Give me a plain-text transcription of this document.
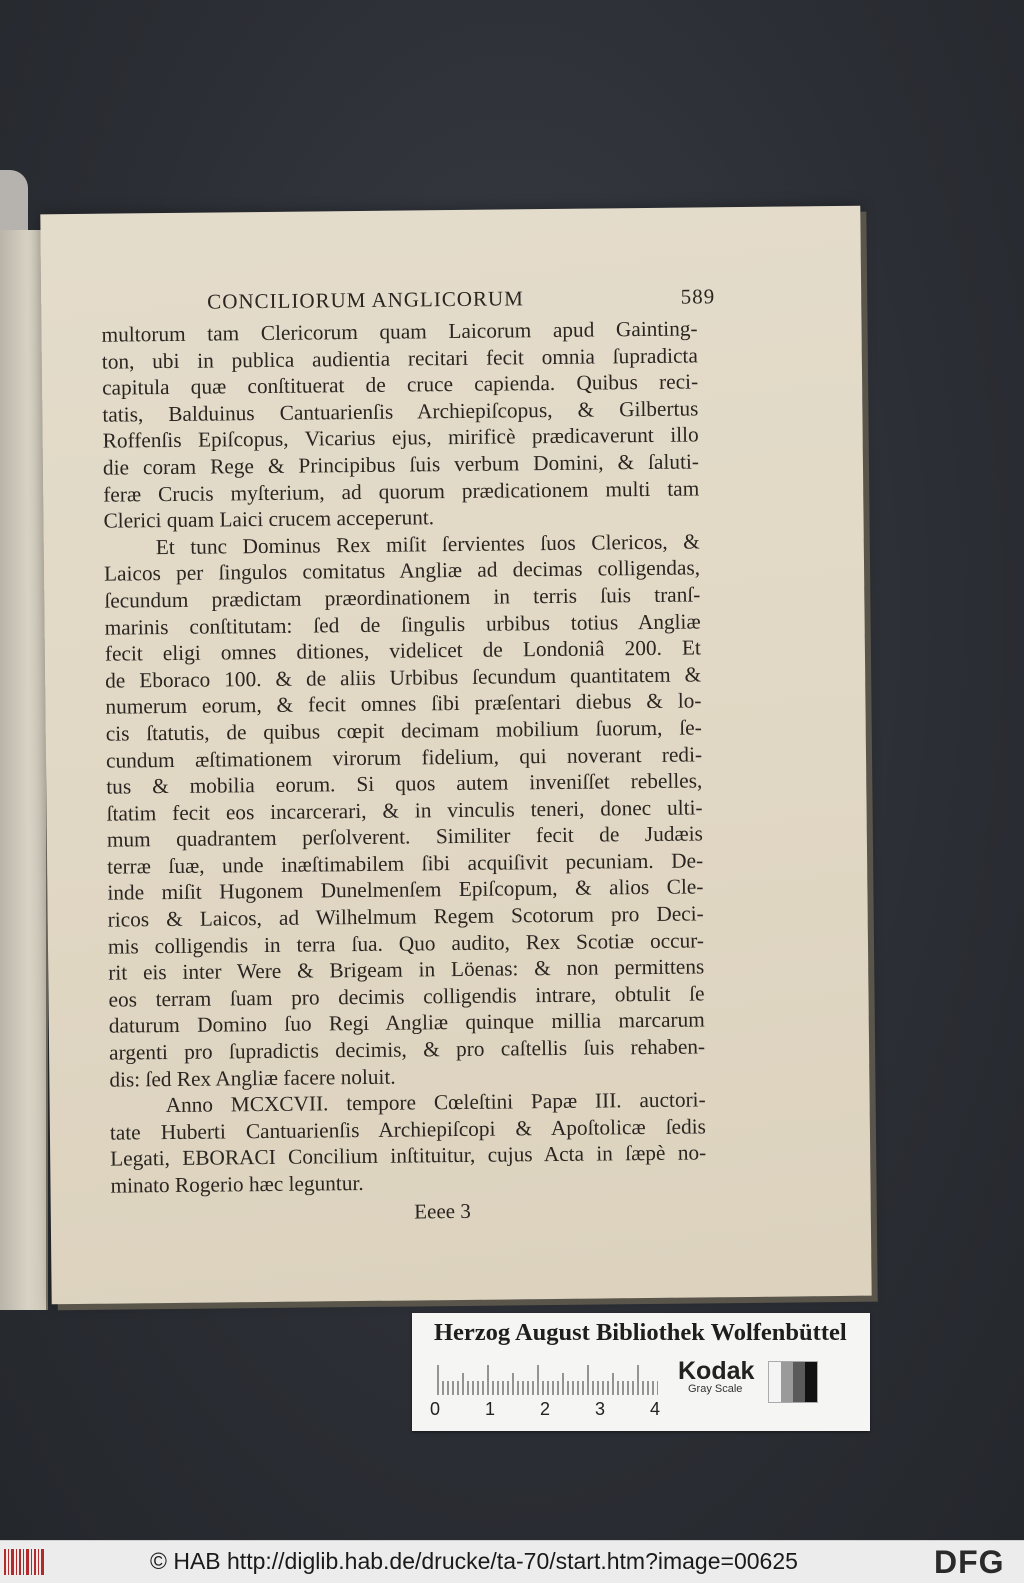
CONCILIORUM ANGLICORUM	589
multorum tam Clericorum quam Laicorum apud Gainting-
ton, ubi in publica audientia recitari fecit omnia ſupradicta
capitula quæ conſtituerat de cruce capienda. Quibus reci-
tatis, Balduinus Cantuarienſis Archiepiſcopus, & Gilbertus
Roffenſis Epiſcopus, Vicarius ejus, mirificè prædicaverunt illo
die coram Rege & Principibus ſuis verbum Domini, & ſaluti-
feræ Crucis myſterium, ad quorum prædicationem multi tam
Clerici quam Laici crucem acceperunt.
Et tunc Dominus Rex miſit ſervientes ſuos Clericos, &
Laicos per ſingulos comitatus Angliæ ad decimas colligendas,
ſecundum prædictam præordinationem in terris ſuis tranſ-
marinis conſtitutam: ſed de ſingulis urbibus totius Angliæ
fecit eligi omnes ditiones, videlicet de Londoniâ 200. Et
de Eboraco 100. & de aliis Urbibus ſecundum quantitatem &
numerum eorum, & fecit omnes ſibi præſentari diebus & lo-
cis ſtatutis, de quibus cœpit decimam mobilium ſuorum, ſe-
cundum æſtimationem virorum fidelium, qui noverant redi-
tus & mobilia eorum. Si quos autem inveniſſet rebelles,
ſtatim fecit eos incarcerari, & in vinculis teneri, donec ulti-
mum quadrantem perſolverent. Similiter fecit de Judæis
terræ ſuæ, unde inæſtimabilem ſibi acquiſivit pecuniam. De-
inde miſit Hugonem Dunelmenſem Epiſcopum, & alios Cle-
ricos & Laicos, ad Wilhelmum Regem Scotorum pro Deci-
mis colligendis in terra ſua. Quo audito, Rex Scotiæ occur-
rit eis inter Were & Brigeam in Löenas: & non permittens
eos terram ſuam pro decimis colligendis intrare, obtulit ſe
daturum Domino ſuo Regi Angliæ quinque millia marcarum
argenti pro ſupradictis decimis, & pro caſtellis ſuis rehaben-
dis: ſed Rex Angliæ facere noluit.
Anno MCXCVII. tempore Cœleſtini Papæ III. auctori-
tate Huberti Cantuarienſis Archiepiſcopi & Apoſtolicæ ſedis
Legati, EBORACI Concilium inſtituitur, cujus Acta in ſæpè no-
minato Rogerio hæc leguntur.
Eeee 3
Herzog August Bibliothek Wolfenbüttel
0 1 2 3 4
Kodak
Gray Scale
© HAB http://diglib.hab.de/drucke/ta-70/start.htm?image=00625	DFG
